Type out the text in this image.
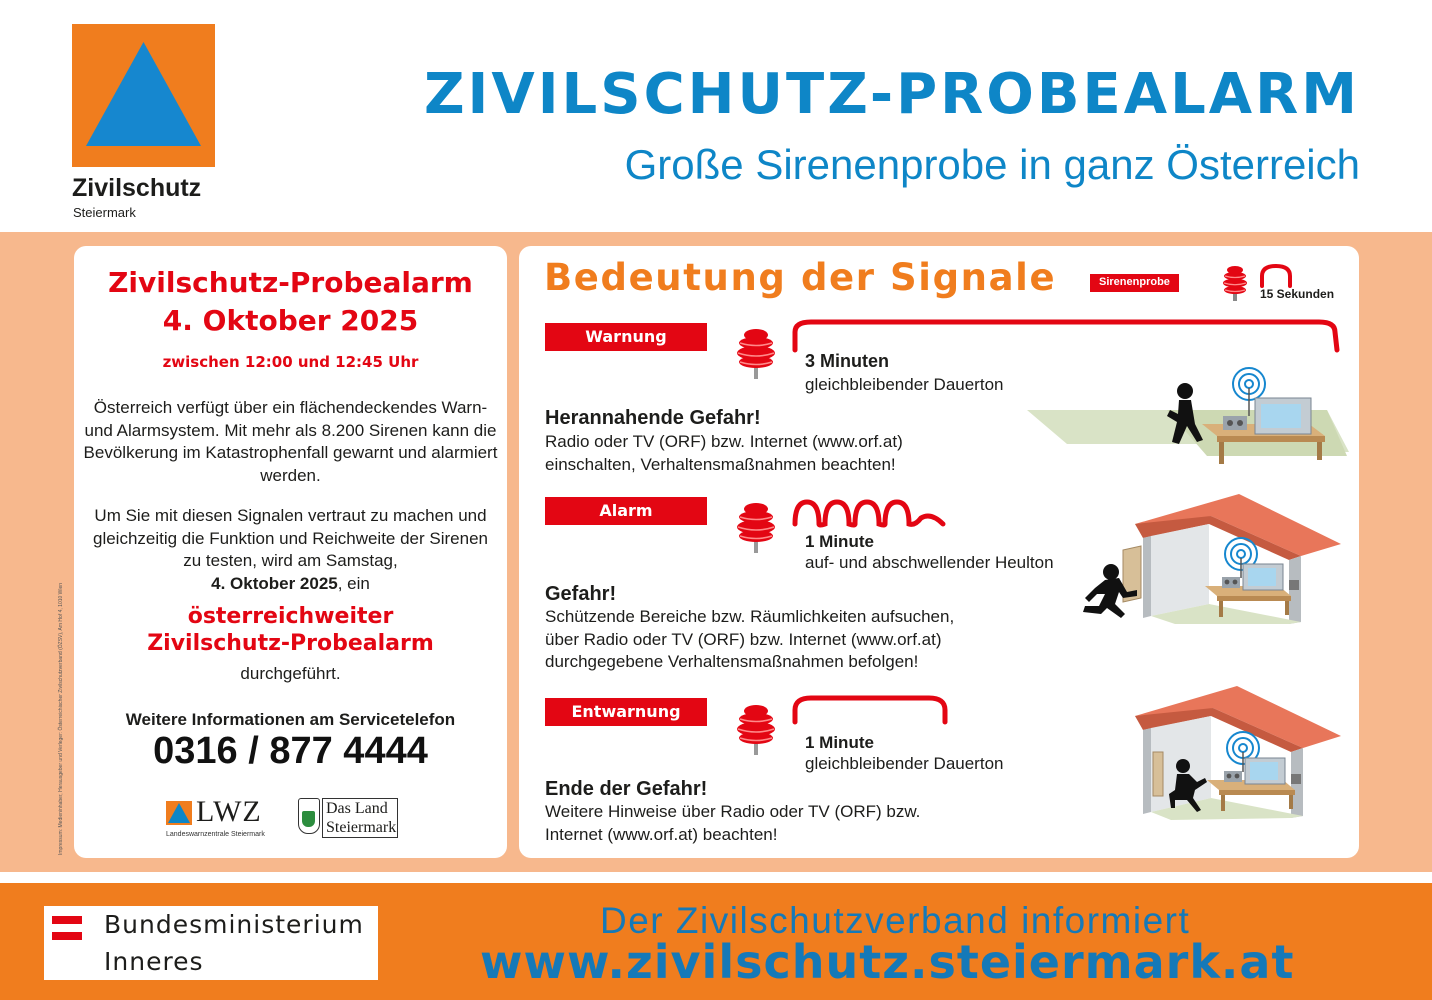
Zivilschutz
Steiermark
ZIVILSCHUTZ-PROBEALARM
Große Sirenenprobe in ganz Österreich
Impressum: Medieninhaber, Herausgeber und Verleger: Österreichischer Zivilschutzverband (ÖZSV), Am Hof 4, 1010 Wien
Zivilschutz-Probealarm
4. Oktober 2025
zwischen 12:00 und 12:45 Uhr
Österreich verfügt über ein flächendeckendes Warn- und Alarmsystem. Mit mehr als 8.200 Sirenen kann die Bevölkerung im Katastrophenfall gewarnt und alarmiert werden.
Um Sie mit diesen Signalen vertraut zu machen und gleichzeitig die Funktion und Reichweite der Sirenen zu testen, wird am Samstag,
4. Oktober 2025, ein
österreichweiter
Zivilschutz-Probealarm
durchgeführt.
Weitere Informationen am Servicetelefon
0316 / 877 4444
LWZ
Landeswarnzentrale Steiermark
Das Land
Steiermark
Bedeutung der Signale	Sirenenprobe
15 Sekunden
Warnung
3 Minuten
gleichbleibender Dauerton
Herannahende Gefahr!
Radio oder TV (ORF) bzw. Internet (www.orf.at)
einschalten, Verhaltensmaßnahmen beachten!
Alarm
1 Minute
auf- und abschwellender Heulton
Gefahr!
Schützende Bereiche bzw. Räumlichkeiten aufsuchen,
über Radio oder TV (ORF) bzw. Internet (www.orf.at)
durchgegebene Verhaltensmaßnahmen befolgen!
Entwarnung
1 Minute
gleichbleibender Dauerton
Ende der Gefahr!
Weitere Hinweise über Radio oder TV (ORF) bzw.
Internet (www.orf.at) beachten!
Bundesministerium
Inneres
Der Zivilschutzverband informiert
www.zivilschutz.steiermark.at
